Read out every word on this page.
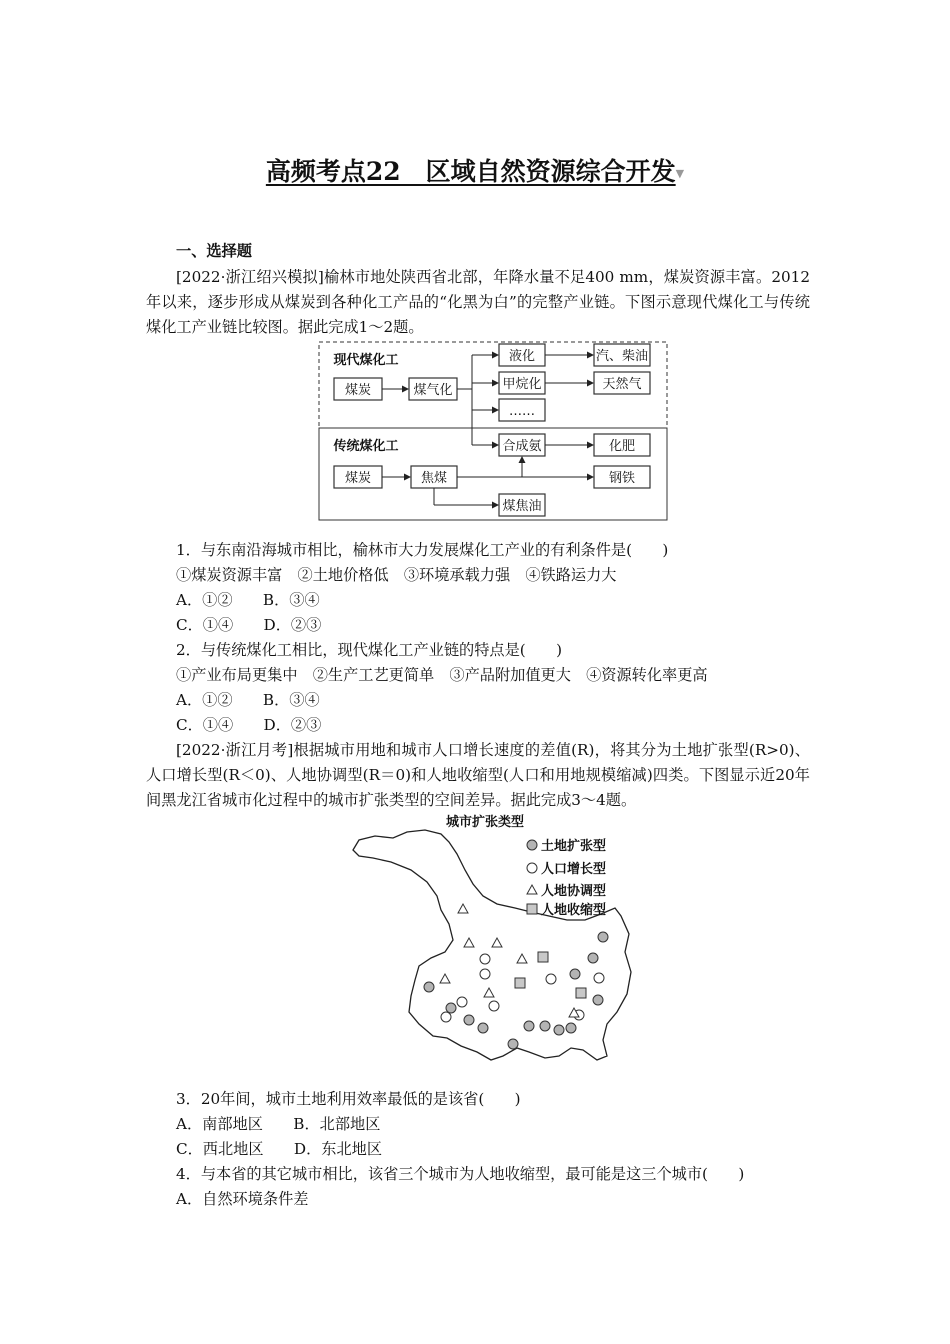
高频考点22　区域自然资源综合开发▼
一、选择题
[2022·浙江绍兴模拟]榆林市地处陕西省北部，年降水量不足400 mm，煤炭资源丰富。2012年以来，逐步形成从煤炭到各种化工产品的“化黑为白”的完整产业链。下图示意现代煤化工与传统煤化工产业链比较图。据此完成1～2题。
现代煤化工
传统煤化工
煤炭	煤气化
液化
甲烷化
……
汽、柴油
天然气
合成氨	化肥
煤炭	焦煤	钢铁
煤焦油
1．与东南沿海城市相比，榆林市大力发展煤化工产业的有利条件是(　　)
①煤炭资源丰富　②土地价格低　③环境承载力强　④铁路运力大
A．①②　　B．③④
C．①④　　D．②③
2．与传统煤化工相比，现代煤化工产业链的特点是(　　)
①产业布局更集中　②生产工艺更简单　③产品附加值更大　④资源转化率更高
A．①②　　B．③④
C．①④　　D．②③
[2022·浙江月考]根据城市用地和城市人口增长速度的差值(R)，将其分为土地扩张型(R>0)、人口增长型(R＜0)、人地协调型(R＝0)和人地收缩型(人口和用地规模缩减)四类。下图显示近20年间黑龙江省城市化过程中的城市扩张类型的空间差异。据此完成3～4题。
城市扩张类型
土地扩张型
人口增长型
人地协调型
人地收缩型
3．20年间，城市土地利用效率最低的是该省(　　)
A．南部地区　　B．北部地区
C．西北地区　　D．东北地区
4．与本省的其它城市相比，该省三个城市为人地收缩型，最可能是这三个城市(　　)
A．自然环境条件差
